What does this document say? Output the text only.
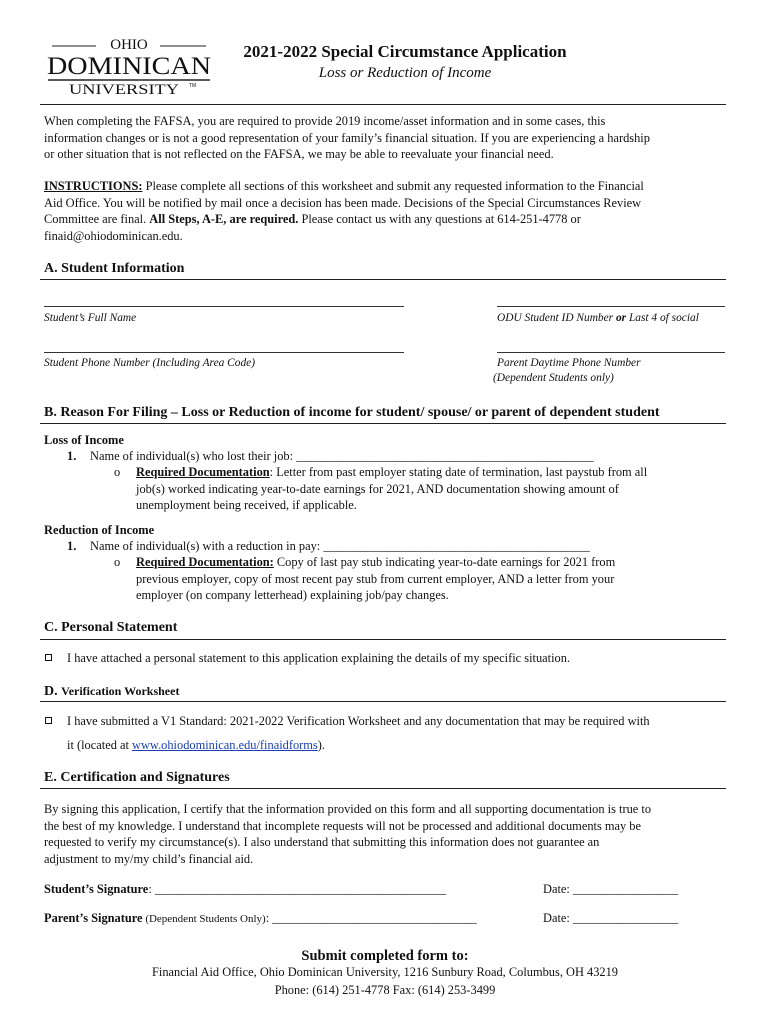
OHIO
DOMINICAN
UNIVERSITY TM
2021-2022 Special Circumstance Application
Loss or Reduction of Income
When completing the FAFSA, you are required to provide 2019 income/asset information and in some cases, this
information changes or is not a good representation of your family’s financial situation. If you are experiencing a hardship
or other situation that is not reflected on the FAFSA, we may be able to reevaluate your financial need.
INSTRUCTIONS: Please complete all sections of this worksheet and submit any requested information to the Financial
Aid Office. You will be notified by mail once a decision has been made. Decisions of the Special Circumstances Review
Committee are final. All Steps, A-E, are required. Please contact us with any questions at 614-251-4778 or
finaid@ohiodominican.edu.
A. Student Information
Student’s Full Name	ODU Student ID Number or Last 4 of social
Student Phone Number (Including Area Code)	Parent Daytime Phone Number
(Dependent Students only)
B. Reason For Filing – Loss or Reduction of income for student/ spouse/ or parent of dependent student
Loss of Income
1. Name of individual(s) who lost their job: ________________________________________________
o Required Documentation: Letter from past employer stating date of termination, last paystub from all
job(s) worked indicating year-to-date earnings for 2021, AND documentation showing amount of
unemployment being received, if applicable.
Reduction of Income
1. Name of individual(s) with a reduction in pay: ___________________________________________
o Required Documentation: Copy of last pay stub indicating year-to-date earnings for 2021 from
previous employer, copy of most recent pay stub from current employer, AND a letter from your
employer (on company letterhead) explaining job/pay changes.
C. Personal Statement
I have attached a personal statement to this application explaining the details of my specific situation.
D. Verification Worksheet
I have submitted a V1 Standard: 2021-2022 Verification Worksheet and any documentation that may be required with
it (located at www.ohiodominican.edu/finaidforms).
E. Certification and Signatures
By signing this application, I certify that the information provided on this form and all supporting documentation is true to
the best of my knowledge. I understand that incomplete requests will not be processed and additional documents may be
requested to verify my circumstance(s). I also understand that submitting this information does not guarantee an
adjustment to my/my child’s financial aid.
Student’s Signature: _______________________________________________	Date: _________________
Parent’s Signature (Dependent Students Only): _________________________________	Date: _________________
Submit completed form to:
Financial Aid Office, Ohio Dominican University, 1216 Sunbury Road, Columbus, OH 43219
Phone: (614) 251-4778 Fax: (614) 253-3499
